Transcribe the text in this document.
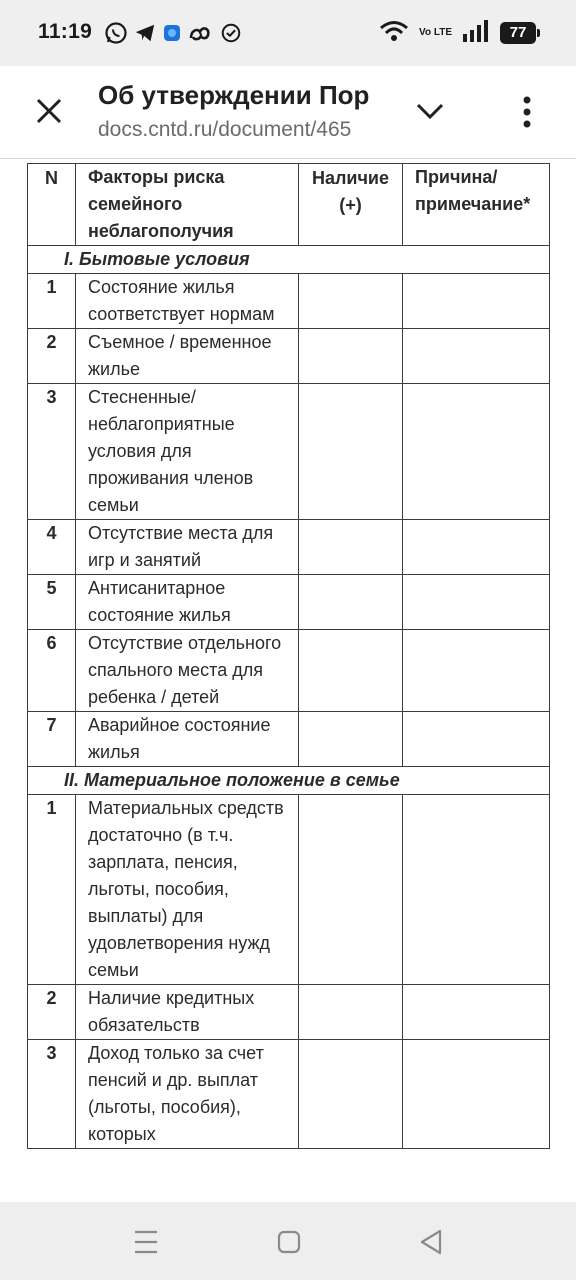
11:19	Vo LTE	77
Об утверждении Пор
docs.cntd.ru/document/465
N	Факторы риска семейного неблагополучия	Наличие (+)	Причина/ примечание*
I. Бытовые условия			
1	Состояние жилья соответствует нормам		
2	Съемное / временное жилье		
3	Стесненные/ неблагоприятные условия для проживания членов семьи		
4	Отсутствие места для игр и занятий		
5	Антисанитарное состояние жилья		
6	Отсутствие отдельного спального места для ребенка / детей		
7	Аварийное состояние жилья		
II. Материальное положение в семье			
1	Материальных средств достаточно (в т.ч. зарплата, пенсия, льготы, пособия, выплаты) для удовлетворения нужд семьи		
2	Наличие кредитных обязательств		
3	Доход только за счет пенсий и др. выплат (льготы, пособия), которых		
